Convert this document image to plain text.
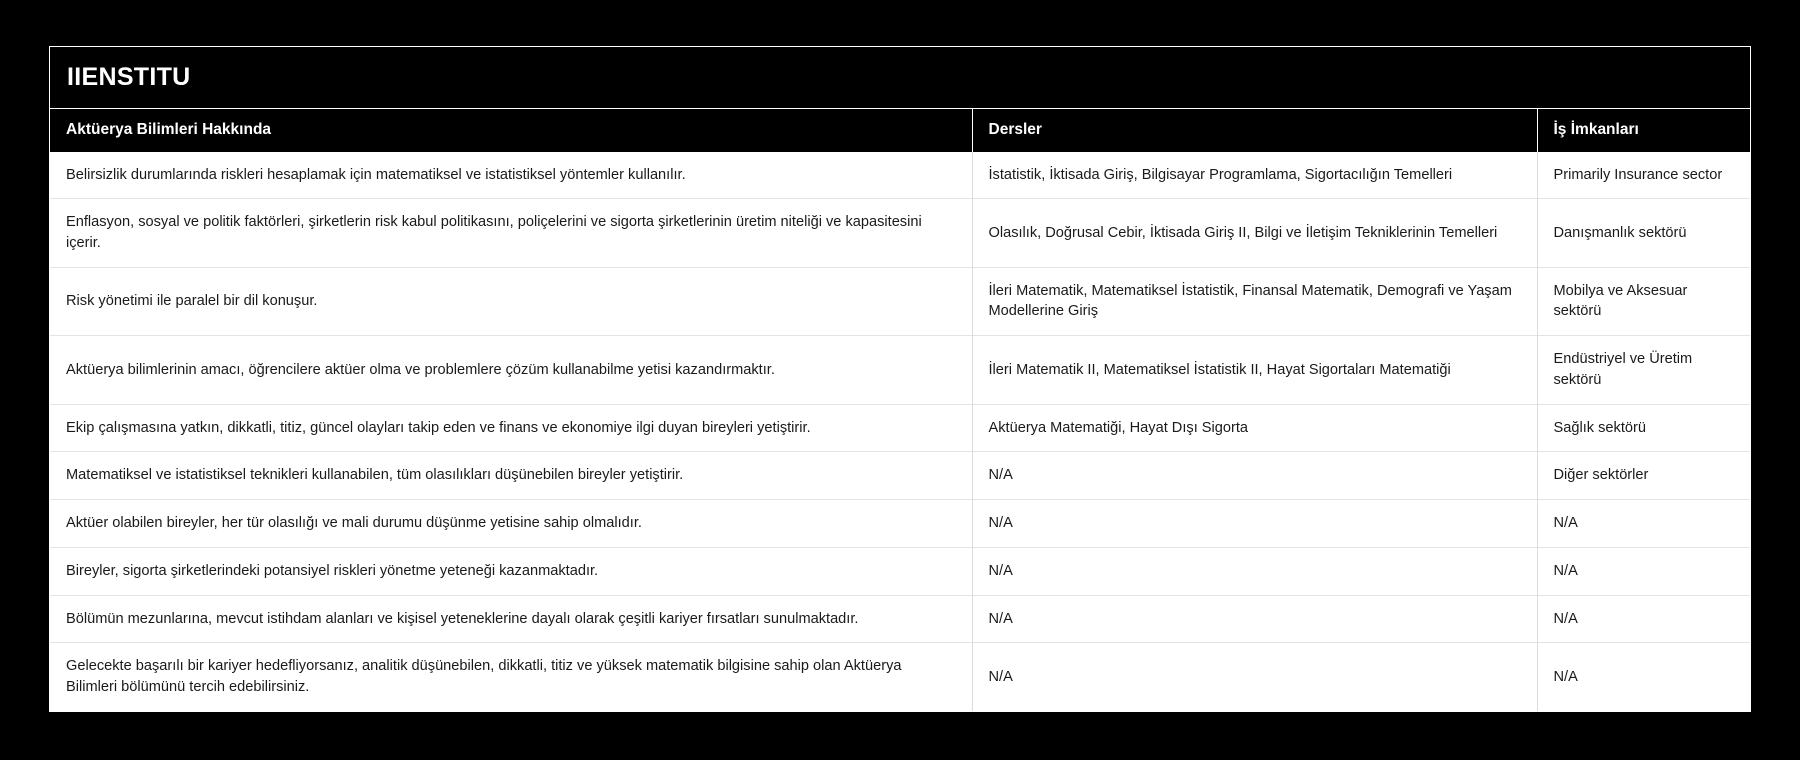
IIENSTITU
Aktüerya Bilimleri Hakkında	Dersler	İş İmkanları
Belirsizlik durumlarında riskleri hesaplamak için matematiksel ve istatistiksel yöntemler kullanılır.	İstatistik, İktisada Giriş, Bilgisayar Programlama, Sigortacılığın Temelleri	Primarily Insurance sector
Enflasyon, sosyal ve politik faktörleri, şirketlerin risk kabul politikasını, poliçelerini ve sigorta şirketlerinin üretim niteliği ve kapasitesini içerir.	Olasılık, Doğrusal Cebir, İktisada Giriş II, Bilgi ve İletişim Tekniklerinin Temelleri	Danışmanlık sektörü
Risk yönetimi ile paralel bir dil konuşur.	İleri Matematik, Matematiksel İstatistik, Finansal Matematik, Demografi ve Yaşam Modellerine Giriş	Mobilya ve Aksesuar sektörü
Aktüerya bilimlerinin amacı, öğrencilere aktüer olma ve problemlere çözüm kullanabilme yetisi kazandırmaktır.	İleri Matematik II, Matematiksel İstatistik II, Hayat Sigortaları Matematiği	Endüstriyel ve Üretim sektörü
Ekip çalışmasına yatkın, dikkatli, titiz, güncel olayları takip eden ve finans ve ekonomiye ilgi duyan bireyleri yetiştirir.	Aktüerya Matematiği, Hayat Dışı Sigorta	Sağlık sektörü
Matematiksel ve istatistiksel teknikleri kullanabilen, tüm olasılıkları düşünebilen bireyler yetiştirir.	N/A	Diğer sektörler
Aktüer olabilen bireyler, her tür olasılığı ve mali durumu düşünme yetisine sahip olmalıdır.	N/A	N/A
Bireyler, sigorta şirketlerindeki potansiyel riskleri yönetme yeteneği kazanmaktadır.	N/A	N/A
Bölümün mezunlarına, mevcut istihdam alanları ve kişisel yeteneklerine dayalı olarak çeşitli kariyer fırsatları sunulmaktadır.	N/A	N/A
Gelecekte başarılı bir kariyer hedefliyorsanız, analitik düşünebilen, dikkatli, titiz ve yüksek matematik bilgisine sahip olan Aktüerya Bilimleri bölümünü tercih edebilirsiniz.	N/A	N/A
